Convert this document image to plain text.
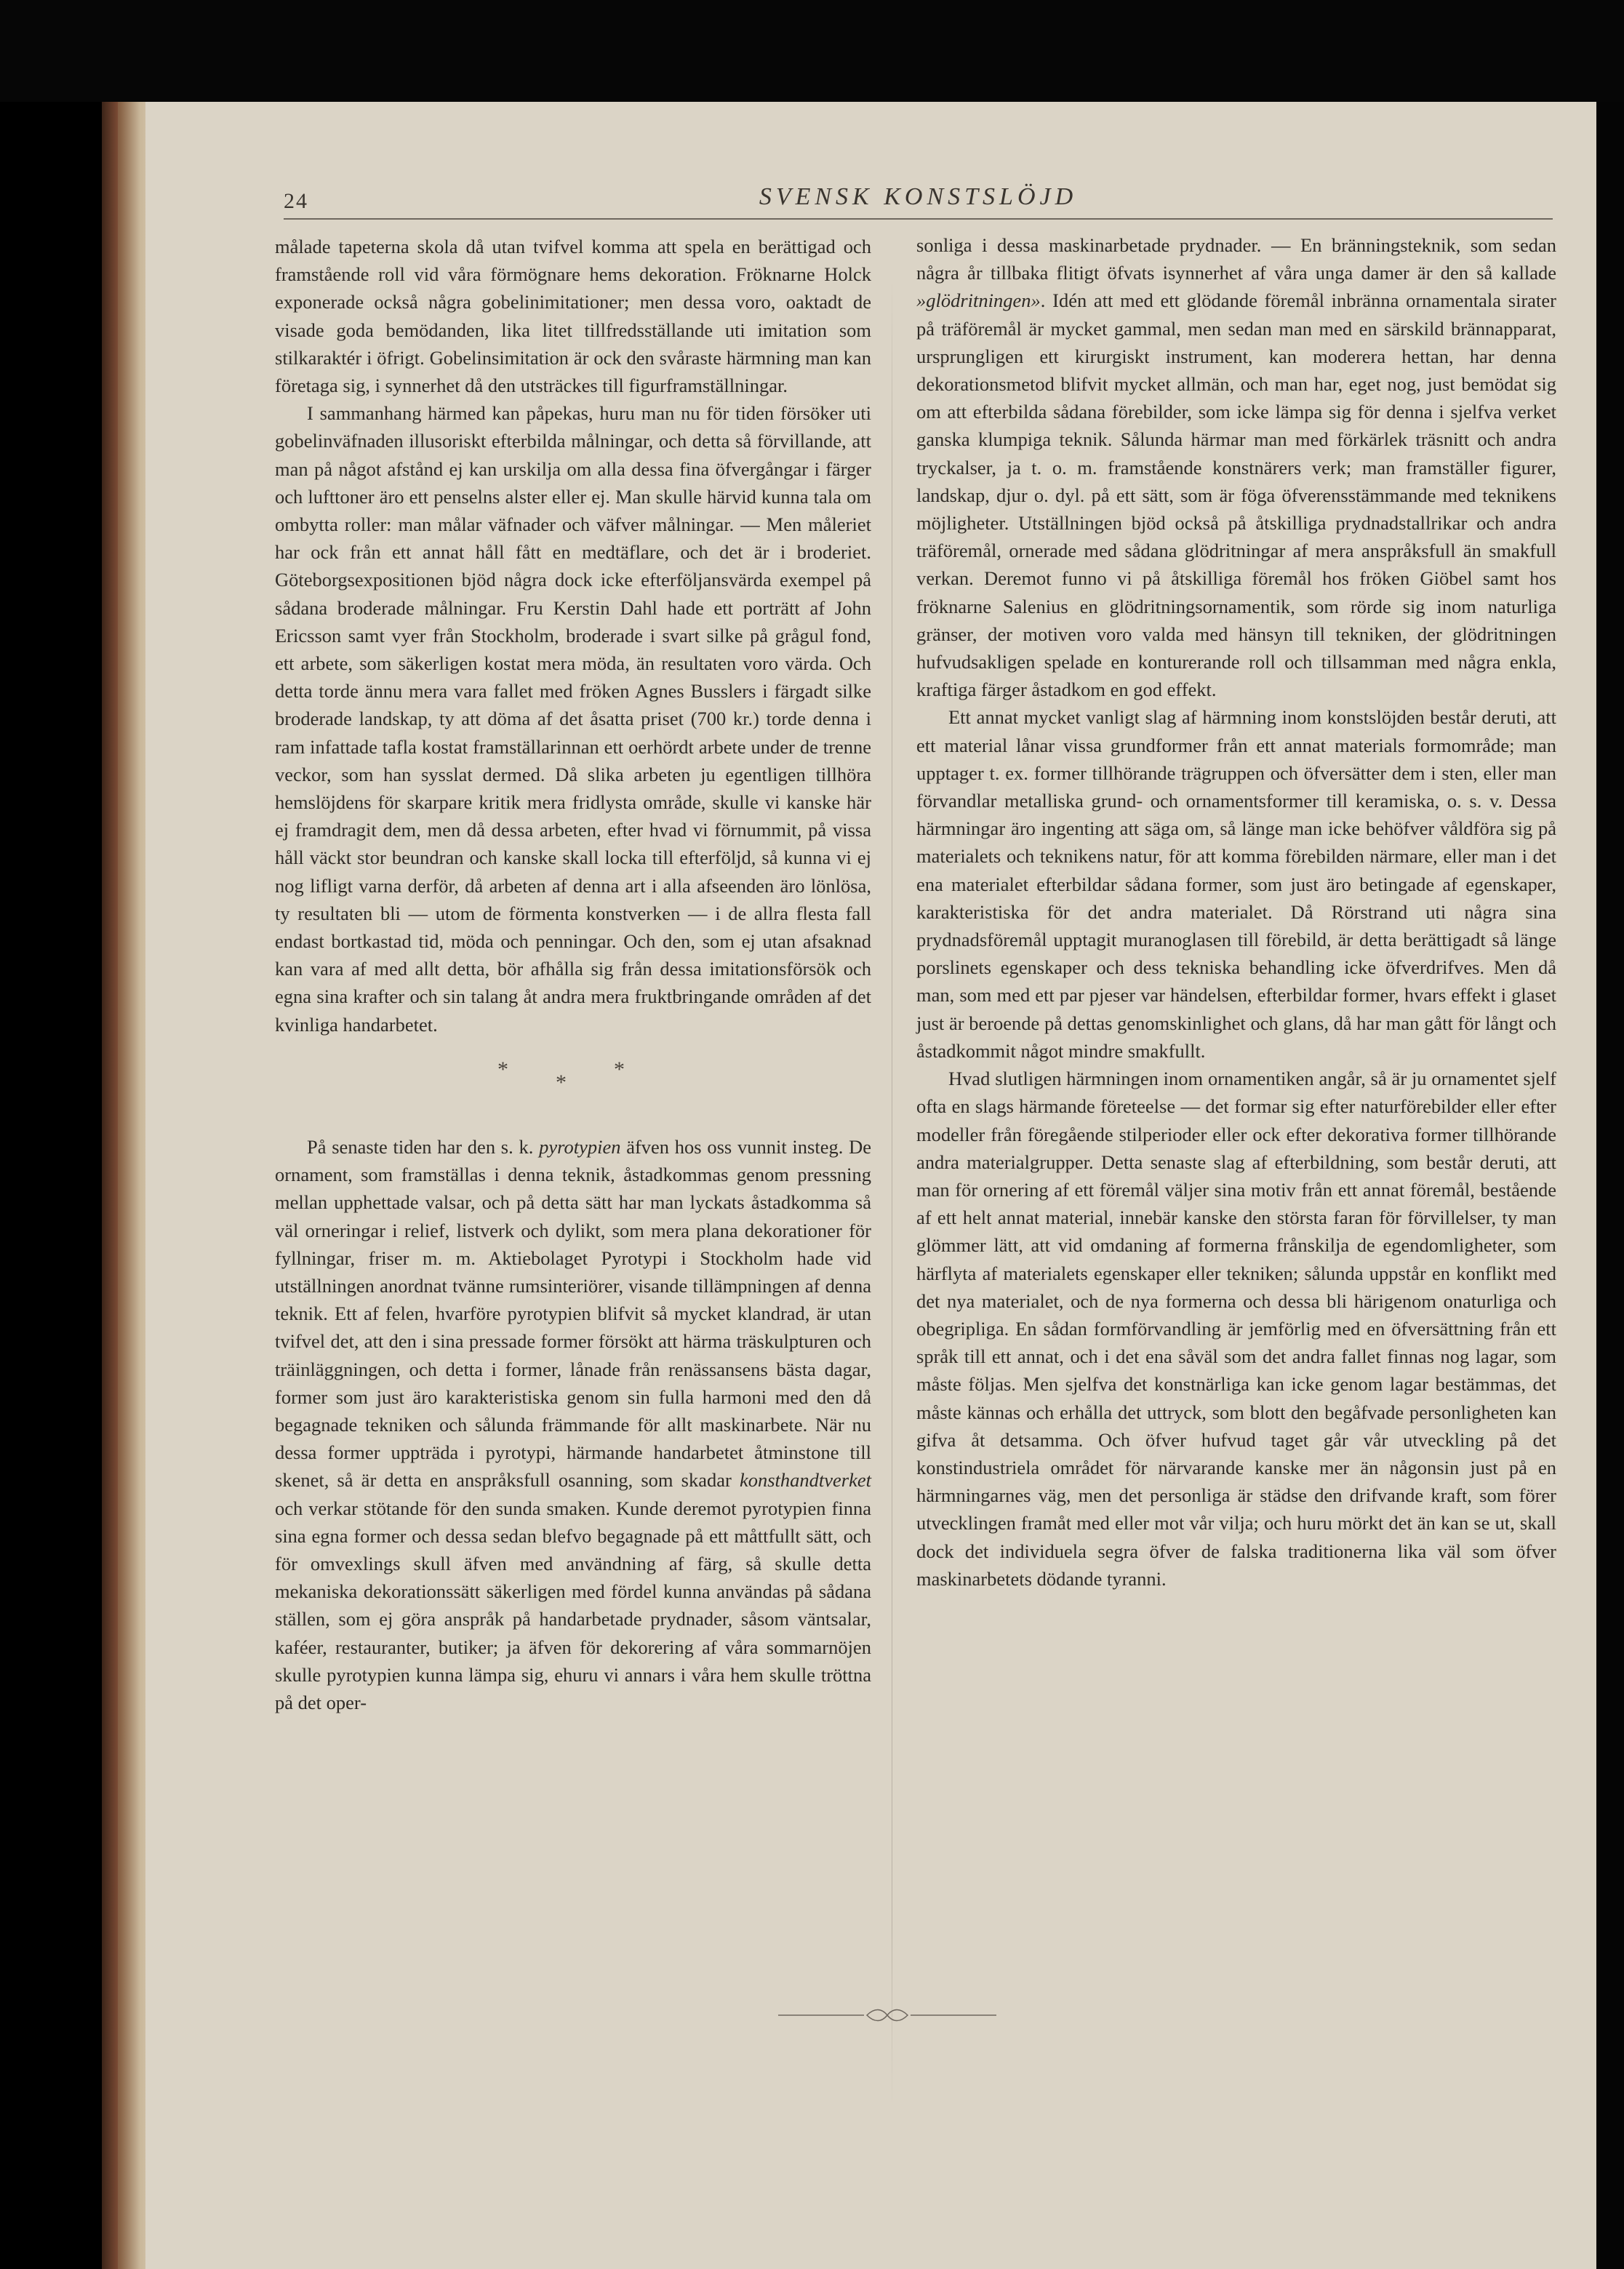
24	SVENSK KONSTSLÖJD

målade tapeterna skola då utan tvifvel komma att spela en berättigad och framstående roll vid våra förmögnare hems dekoration. Fröknarne Holck exponerade också några gobelinimitationer; men dessa voro, oaktadt de visade goda bemödanden, lika litet tillfredsställande uti imitation som stilkaraktér i öfrigt. Gobelinsimitation är ock den svåraste härmning man kan företaga sig, i synnerhet då den utsträckes till figurframställningar.

I sammanhang härmed kan påpekas, huru man nu för tiden försöker uti gobelinväfnaden illusoriskt efterbilda målningar, och detta så förvillande, att man på något afstånd ej kan urskilja om alla dessa fina öfvergångar i färger och lufttoner äro ett penselns alster eller ej. Man skulle härvid kunna tala om ombytta roller: man målar väfnader och väfver målningar. — Men måleriet har ock från ett annat håll fått en medtäflare, och det är i broderiet. Göteborgsexpositionen bjöd några dock icke efterföljansvärda exempel på sådana broderade målningar. Fru Kerstin Dahl hade ett porträtt af John Ericsson samt vyer från Stockholm, broderade i svart silke på grågul fond, ett arbete, som säkerligen kostat mera möda, än resultaten voro värda. Och detta torde ännu mera vara fallet med fröken Agnes Busslers i färgadt silke broderade landskap, ty att döma af det åsatta priset (700 kr.) torde denna i ram infattade tafla kostat framställarinnan ett oerhördt arbete under de trenne veckor, som han sysslat dermed. Då slika arbeten ju egentligen tillhöra hemslöjdens för skarpare kritik mera fridlysta område, skulle vi kanske här ej framdragit dem, men då dessa arbeten, efter hvad vi förnummit, på vissa håll väckt stor beundran och kanske skall locka till efterföljd, så kunna vi ej nog lifligt varna derför, då arbeten af denna art i alla afseenden äro lönlösa, ty resultaten bli — utom de förmenta konstverken — i de allra flesta fall endast bortkastad tid, möda och penningar. Och den, som ej utan afsaknad kan vara af med allt detta, bör afhålla sig från dessa imitationsförsök och egna sina krafter och sin talang åt andra mera fruktbringande områden af det kvinliga handarbetet.

*
*
*

På senaste tiden har den s. k. pyrotypien äfven hos oss vunnit insteg. De ornament, som framställas i denna teknik, åstadkommas genom pressning mellan upphettade valsar, och på detta sätt har man lyckats åstadkomma så väl orneringar i relief, listverk och dylikt, som mera plana dekorationer för fyllningar, friser m. m. Aktiebolaget Pyrotypi i Stockholm hade vid utställningen anordnat tvänne rumsinteriörer, visande tillämpningen af denna teknik. Ett af felen, hvarföre pyrotypien blifvit så mycket klandrad, är utan tvifvel det, att den i sina pressade former försökt att härma träskulpturen och träinläggningen, och detta i former, lånade från renässansens bästa dagar, former som just äro karakteristiska genom sin fulla harmoni med den då begagnade tekniken och sålunda främmande för allt maskinarbete. När nu dessa former uppträda i pyrotypi, härmande handarbetet åtminstone till skenet, så är detta en anspråksfull osanning, som skadar konsthandtverket och verkar stötande för den sunda smaken. Kunde deremot pyrotypien finna sina egna former och dessa sedan blefvo begagnade på ett måttfullt sätt, och för omvexlings skull äfven med användning af färg, så skulle detta mekaniska dekorationssätt säkerligen med fördel kunna användas på sådana ställen, som ej göra anspråk på handarbetade prydnader, såsom väntsalar, kaféer, restauranter, butiker; ja äfven för dekorering af våra sommarnöjen skulle pyrotypien kunna lämpa sig, ehuru vi annars i våra hem skulle tröttna på det oper-

sonliga i dessa maskinarbetade prydnader. — En bränningsteknik, som sedan några år tillbaka flitigt öfvats isynnerhet af våra unga damer är den så kallade »glödritningen». Idén att med ett glödande föremål inbränna ornamentala sirater på träföremål är mycket gammal, men sedan man med en särskild brännapparat, ursprungligen ett kirurgiskt instrument, kan moderera hettan, har denna dekorationsmetod blifvit mycket allmän, och man har, eget nog, just bemödat sig om att efterbilda sådana förebilder, som icke lämpa sig för denna i sjelfva verket ganska klumpiga teknik. Sålunda härmar man med förkärlek träsnitt och andra tryckalser, ja t. o. m. framstående konstnärers verk; man framställer figurer, landskap, djur o. dyl. på ett sätt, som är föga öfverensstämmande med teknikens möjligheter. Utställningen bjöd också på åtskilliga prydnadstallrikar och andra träföremål, ornerade med sådana glödritningar af mera anspråksfull än smakfull verkan. Deremot funno vi på åtskilliga föremål hos fröken Giöbel samt hos fröknarne Salenius en glödritningsornamentik, som rörde sig inom naturliga gränser, der motiven voro valda med hänsyn till tekniken, der glödritningen hufvudsakligen spelade en konturerande roll och tillsamman med några enkla, kraftiga färger åstadkom en god effekt.

Ett annat mycket vanligt slag af härmning inom konstslöjden består deruti, att ett material lånar vissa grundformer från ett annat materials formområde; man upptager t. ex. former tillhörande trägruppen och öfversätter dem i sten, eller man förvandlar metalliska grund- och ornamentsformer till keramiska, o. s. v. Dessa härmningar äro ingenting att säga om, så länge man icke behöfver våldföra sig på materialets och teknikens natur, för att komma förebilden närmare, eller man i det ena materialet efterbildar sådana former, som just äro betingade af egenskaper, karakteristiska för det andra materialet. Då Rörstrand uti några sina prydnadsföremål upptagit muranoglasen till förebild, är detta berättigadt så länge porslinets egenskaper och dess tekniska behandling icke öfverdrifves. Men då man, som med ett par pjeser var händelsen, efterbildar former, hvars effekt i glaset just är beroende på dettas genomskinlighet och glans, då har man gått för långt och åstadkommit något mindre smakfullt.

Hvad slutligen härmningen inom ornamentiken angår, så är ju ornamentet sjelf ofta en slags härmande företeelse — det formar sig efter naturförebilder eller efter modeller från föregående stilperioder eller ock efter dekorativa former tillhörande andra materialgrupper. Detta senaste slag af efterbildning, som består deruti, att man för ornering af ett föremål väljer sina motiv från ett annat föremål, bestående af ett helt annat material, innebär kanske den största faran för förvillelser, ty man glömmer lätt, att vid omdaning af formerna frånskilja de egendomligheter, som härflyta af materialets egenskaper eller tekniken; sålunda uppstår en konflikt med det nya materialet, och de nya formerna och dessa bli härigenom onaturliga och obegripliga. En sådan formförvandling är jemförlig med en öfversättning från ett språk till ett annat, och i det ena såväl som det andra fallet finnas nog lagar, som måste följas. Men sjelfva det konstnärliga kan icke genom lagar bestämmas, det måste kännas och erhålla det uttryck, som blott den begåfvade personligheten kan gifva åt detsamma. Och öfver hufvud taget går vår utveckling på det konstindustriela området för närvarande kanske mer än någonsin just på en härmningarnes väg, men det personliga är städse den drifvande kraft, som förer utvecklingen framåt med eller mot vår vilja; och huru mörkt det än kan se ut, skall dock det individuela segra öfver de falska traditionerna lika väl som öfver maskinarbetets dödande tyranni.
